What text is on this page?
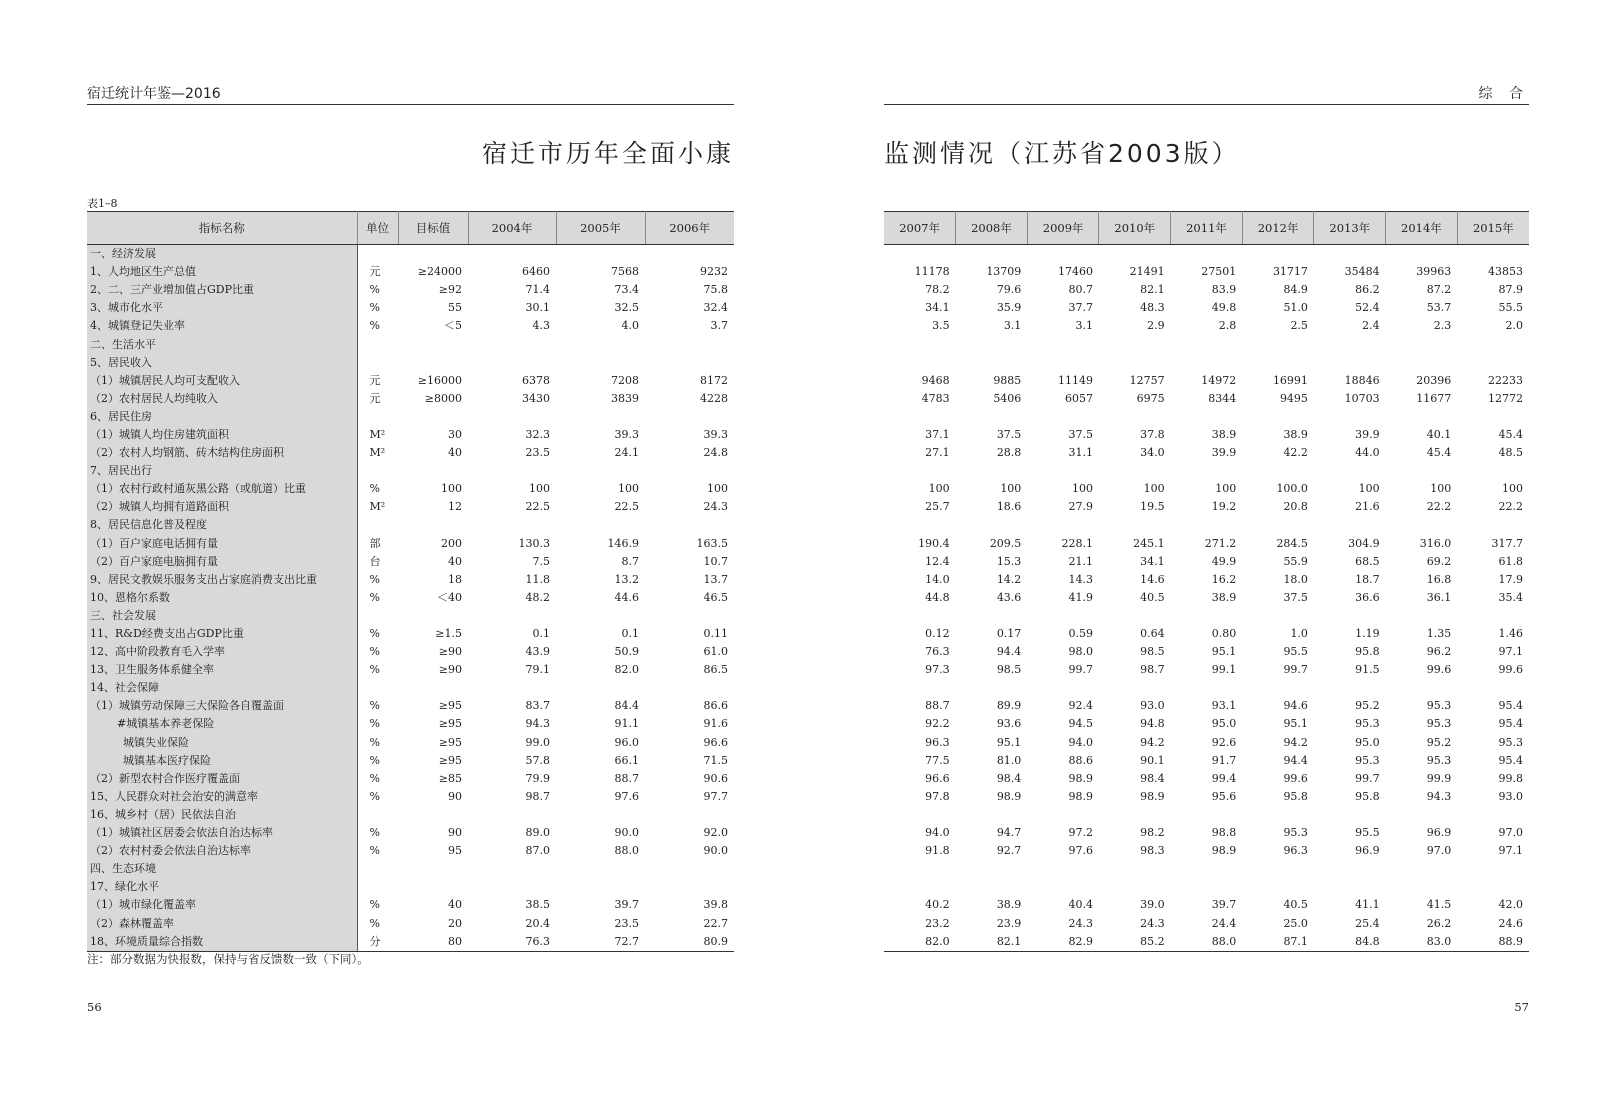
宿迁统计年鉴—2016
宿迁市历年全面小康
表1–8
指标名称	单位	目标值	2004年	2005年	2006年
一、经济发展					
1、人均地区生产总值	元	≥24000	6460	7568	9232
2、二、三产业增加值占GDP比重	%	≥92	71.4	73.4	75.8
3、城市化水平	%	55	30.1	32.5	32.4
4、城镇登记失业率	%	＜5	4.3	4.0	3.7
二、生活水平					
5、居民收入					
（1）城镇居民人均可支配收入	元	≥16000	6378	7208	8172
（2）农村居民人均纯收入	元	≥8000	3430	3839	4228
6、居民住房					
（1）城镇人均住房建筑面积	M²	30	32.3	39.3	39.3
（2）农村人均钢筋、砖木结构住房面积	M²	40	23.5	24.1	24.8
7、居民出行					
（1）农村行政村通灰黑公路（或航道）比重	%	100	100	100	100
（2）城镇人均拥有道路面积	M²	12	22.5	22.5	24.3
8、居民信息化普及程度					
（1）百户家庭电话拥有量	部	200	130.3	146.9	163.5
（2）百户家庭电脑拥有量	台	40	7.5	8.7	10.7
9、居民文教娱乐服务支出占家庭消费支出比重	%	18	11.8	13.2	13.7
10、恩格尔系数	%	＜40	48.2	44.6	46.5
三、社会发展					
11、R&D经费支出占GDP比重	%	≥1.5	0.1	0.1	0.11
12、高中阶段教育毛入学率	%	≥90	43.9	50.9	61.0
13、卫生服务体系健全率	%	≥90	79.1	82.0	86.5
14、社会保障					
（1）城镇劳动保障三大保险各自覆盖面	%	≥95	83.7	84.4	86.6
#城镇基本养老保险	%	≥95	94.3	91.1	91.6
城镇失业保险	%	≥95	99.0	96.0	96.6
城镇基本医疗保险	%	≥95	57.8	66.1	71.5
（2）新型农村合作医疗覆盖面	%	≥85	79.9	88.7	90.6
15、人民群众对社会治安的满意率	%	90	98.7	97.6	97.7
16、城乡村（居）民依法自治					
（1）城镇社区居委会依法自治达标率	%	90	89.0	90.0	92.0
（2）农村村委会依法自治达标率	%	95	87.0	88.0	90.0
四、生态环境					
17、绿化水平					
（1）城市绿化覆盖率	%	40	38.5	39.7	39.8
（2）森林覆盖率	%	20	20.4	23.5	22.7
18、环境质量综合指数	分	80	76.3	72.7	80.9
注：部分数据为快报数，保持与省反馈数一致（下同）。
56
综 合
监测情况（江苏省2003版）
2007年	2008年	2009年	2010年	2011年	2012年	2013年	2014年	2015年

11178	13709	17460	21491	27501	31717	35484	39963	43853
78.2	79.6	80.7	82.1	83.9	84.9	86.2	87.2	87.9
34.1	35.9	37.7	48.3	49.8	51.0	52.4	53.7	55.5
3.5	3.1	3.1	2.9	2.8	2.5	2.4	2.3	2.0

9468	9885	11149	12757	14972	16991	18846	20396	22233
4783	5406	6057	6975	8344	9495	10703	11677	12772

37.1	37.5	37.5	37.8	38.9	38.9	39.9	40.1	45.4
27.1	28.8	31.1	34.0	39.9	42.2	44.0	45.4	48.5

100	100	100	100	100	100.0	100	100	100
25.7	18.6	27.9	19.5	19.2	20.8	21.6	22.2	22.2

190.4	209.5	228.1	245.1	271.2	284.5	304.9	316.0	317.7
12.4	15.3	21.1	34.1	49.9	55.9	68.5	69.2	61.8
14.0	14.2	14.3	14.6	16.2	18.0	18.7	16.8	17.9
44.8	43.6	41.9	40.5	38.9	37.5	36.6	36.1	35.4

0.12	0.17	0.59	0.64	0.80	1.0	1.19	1.35	1.46
76.3	94.4	98.0	98.5	95.1	95.5	95.8	96.2	97.1
97.3	98.5	99.7	98.7	99.1	99.7	91.5	99.6	99.6

88.7	89.9	92.4	93.0	93.1	94.6	95.2	95.3	95.4
92.2	93.6	94.5	94.8	95.0	95.1	95.3	95.3	95.4
96.3	95.1	94.0	94.2	92.6	94.2	95.0	95.2	95.3
77.5	81.0	88.6	90.1	91.7	94.4	95.3	95.3	95.4
96.6	98.4	98.9	98.4	99.4	99.6	99.7	99.9	99.8
97.8	98.9	98.9	98.9	95.6	95.8	95.8	94.3	93.0

94.0	94.7	97.2	98.2	98.8	95.3	95.5	96.9	97.0
91.8	92.7	97.6	98.3	98.9	96.3	96.9	97.0	97.1

40.2	38.9	40.4	39.0	39.7	40.5	41.1	41.5	42.0
23.2	23.9	24.3	24.3	24.4	25.0	25.4	26.2	24.6
82.0	82.1	82.9	85.2	88.0	87.1	84.8	83.0	88.9
57
